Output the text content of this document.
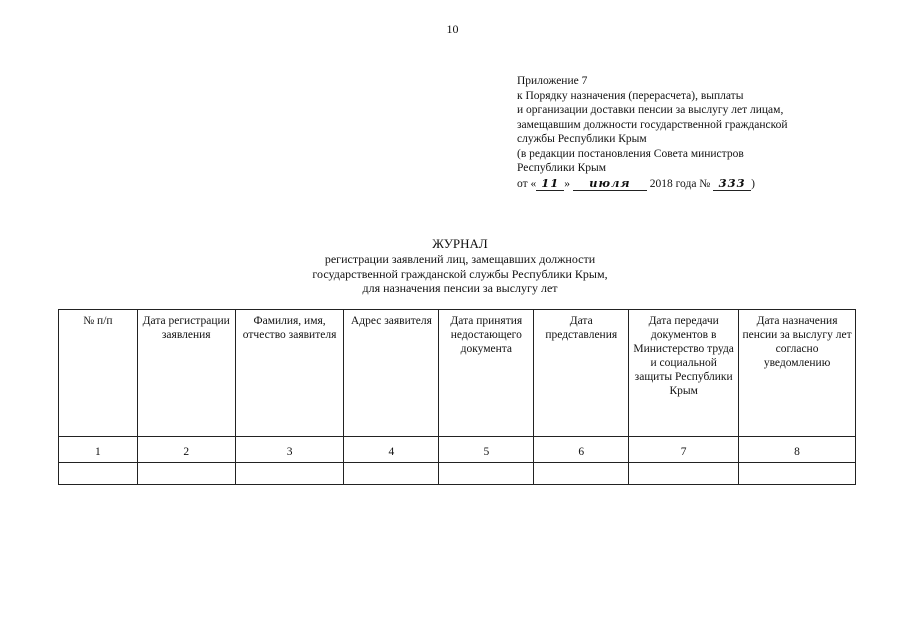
10
Приложение 7
к Порядку назначения (перерасчета), выплаты
и организации доставки пенсии за выслугу лет лицам,
замещавшим должности государственной гражданской
службы Республики Крым
(в редакции постановления Совета министров
Республики Крым
от « 11 » июля 2018 года № 333 )
ЖУРНАЛ
регистрации заявлений лиц, замещавших должности
государственной гражданской службы Республики Крым,
для назначения пенсии за выслугу лет
№ п/п	Дата регистрации заявления	Фамилия, имя, отчество заявителя	Адрес заявителя	Дата принятия недостающего документа	Дата представления	Дата передачи документов в Министерство труда и социальной защиты Республики Крым	Дата назначения пенсии за выслугу лет согласно уведомлению
1	2	3	4	5	6	7	8
